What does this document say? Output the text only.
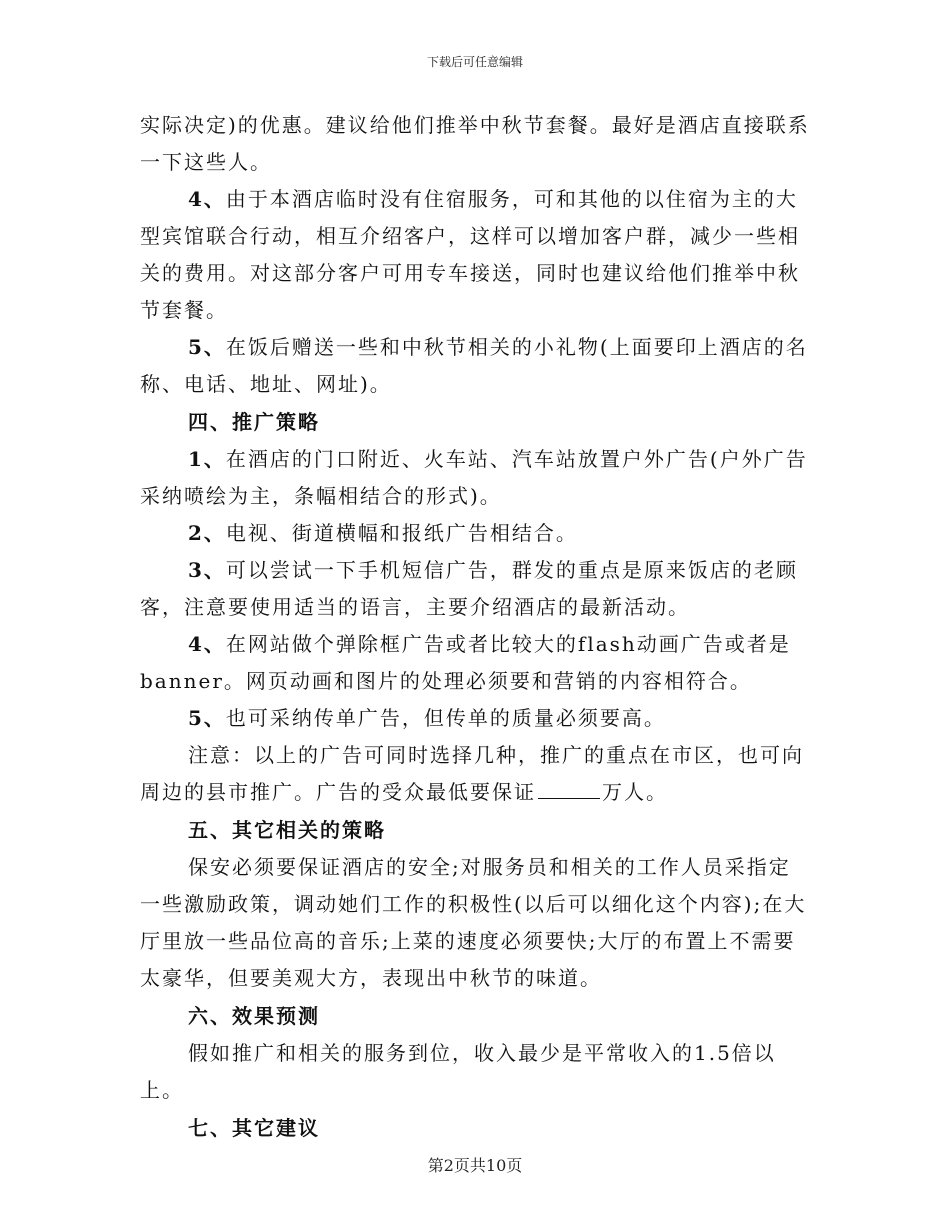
下载后可任意编辑

实际决定)的优惠。建议给他们推举中秋节套餐。最好是酒店直接联系一下这些人。

4、由于本酒店临时没有住宿服务，可和其他的以住宿为主的大型宾馆联合行动，相互介绍客户，这样可以增加客户群，减少一些相关的费用。对这部分客户可用专车接送，同时也建议给他们推举中秋节套餐。

5、在饭后赠送一些和中秋节相关的小礼物(上面要印上酒店的名称、电话、地址、网址)。

四、推广策略

1、在酒店的门口附近、火车站、汽车站放置户外广告(户外广告采纳喷绘为主，条幅相结合的形式)。

2、电视、街道横幅和报纸广告相结合。

3、可以尝试一下手机短信广告，群发的重点是原来饭店的老顾客，注意要使用适当的语言，主要介绍酒店的最新活动。

4、在网站做个弹除框广告或者比较大的flash动画广告或者是banner。网页动画和图片的处理必须要和营销的内容相符合。

5、也可采纳传单广告，但传单的质量必须要高。

注意：以上的广告可同时选择几种，推广的重点在市区，也可向周边的县市推广。广告的受众最低要保证	万人。

五、其它相关的策略

保安必须要保证酒店的安全;对服务员和相关的工作人员采指定一些激励政策，调动她们工作的积极性(以后可以细化这个内容);在大厅里放一些品位高的音乐;上菜的速度必须要快;大厅的布置上不需要太豪华，但要美观大方，表现出中秋节的味道。

六、效果预测

假如推广和相关的服务到位，收入最少是平常收入的1.5倍以上。

七、其它建议

第2页共10页
